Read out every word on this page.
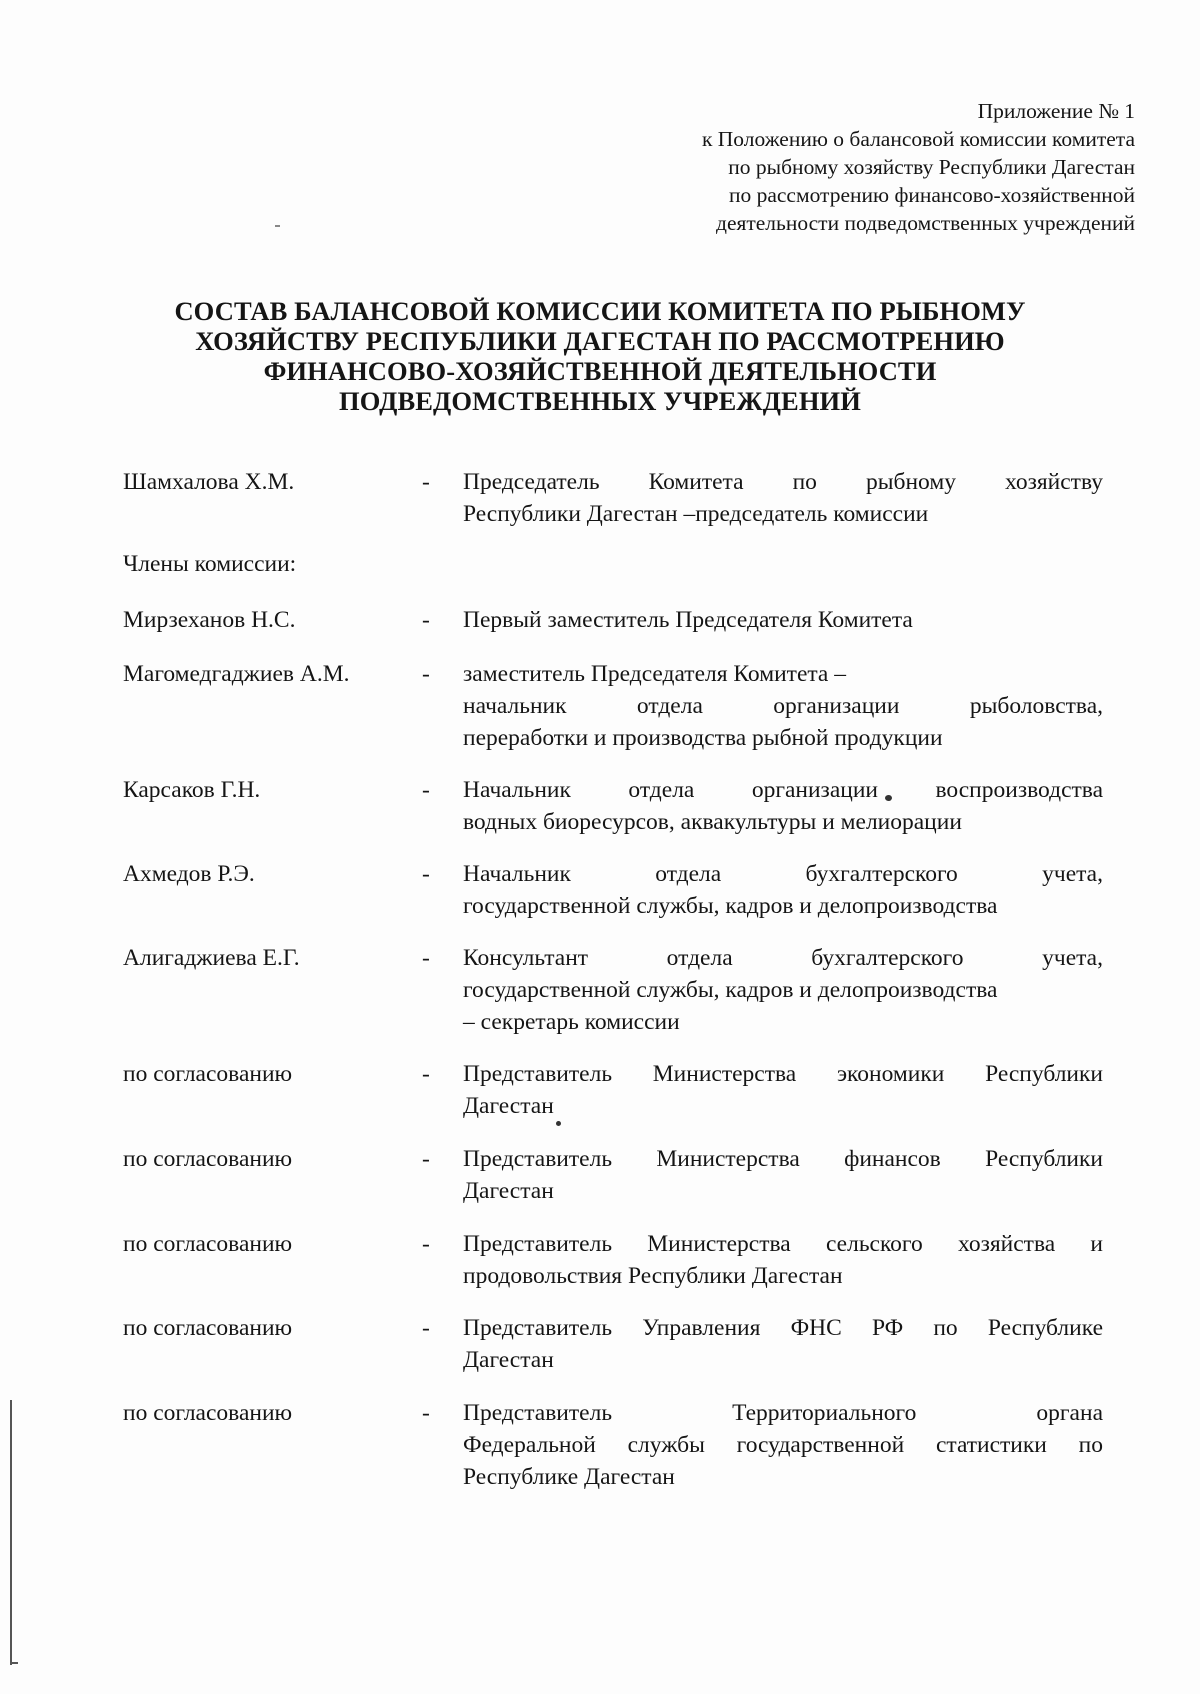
Приложение № 1
к Положению о балансовой комиссии комитета
по рыбному хозяйству Республики Дагестан
по рассмотрению финансово-хозяйственной
деятельности подведомственных учреждений
СОСТАВ БАЛАНСОВОЙ КОМИССИИ КОМИТЕТА ПО РЫБНОМУ
ХОЗЯЙСТВУ РЕСПУБЛИКИ ДАГЕСТАН ПО РАССМОТРЕНИЮ
ФИНАНСОВО-ХОЗЯЙСТВЕННОЙ ДЕЯТЕЛЬНОСТИ
ПОДВЕДОМСТВЕННЫХ УЧРЕЖДЕНИЙ
Шамхалова Х.М.	- Председатель Комитета по рыбному хозяйству
Республики Дагестан –председатель комиссии
Члены комиссии:
Мирзеханов Н.С.	- Первый заместитель Председателя Комитета
Магомедгаджиев А.М.	- заместитель Председателя Комитета –
начальник отдела организации рыболовства,
переработки и производства рыбной продукции
Карсаков Г.Н.	- Начальник отдела организации воспроизводства
водных биоресурсов, аквакультуры и мелиорации
Ахмедов Р.Э.	- Начальник отдела бухгалтерского учета,
государственной службы, кадров и делопроизводства
Алигаджиева Е.Г.	- Консультант отдела бухгалтерского учета,
государственной службы, кадров и делопроизводства
– секретарь комиссии
по согласованию	- Представитель Министерства экономики Республики
Дагестан
по согласованию	- Представитель Министерства финансов Республики
Дагестан
по согласованию	- Представитель Министерства сельского хозяйства и
продовольствия Республики Дагестан
по согласованию	- Представитель Управления ФНС РФ по Республике
Дагестан
по согласованию	- Представитель Территориального органа
Федеральной службы государственной статистики по
Республике Дагестан
